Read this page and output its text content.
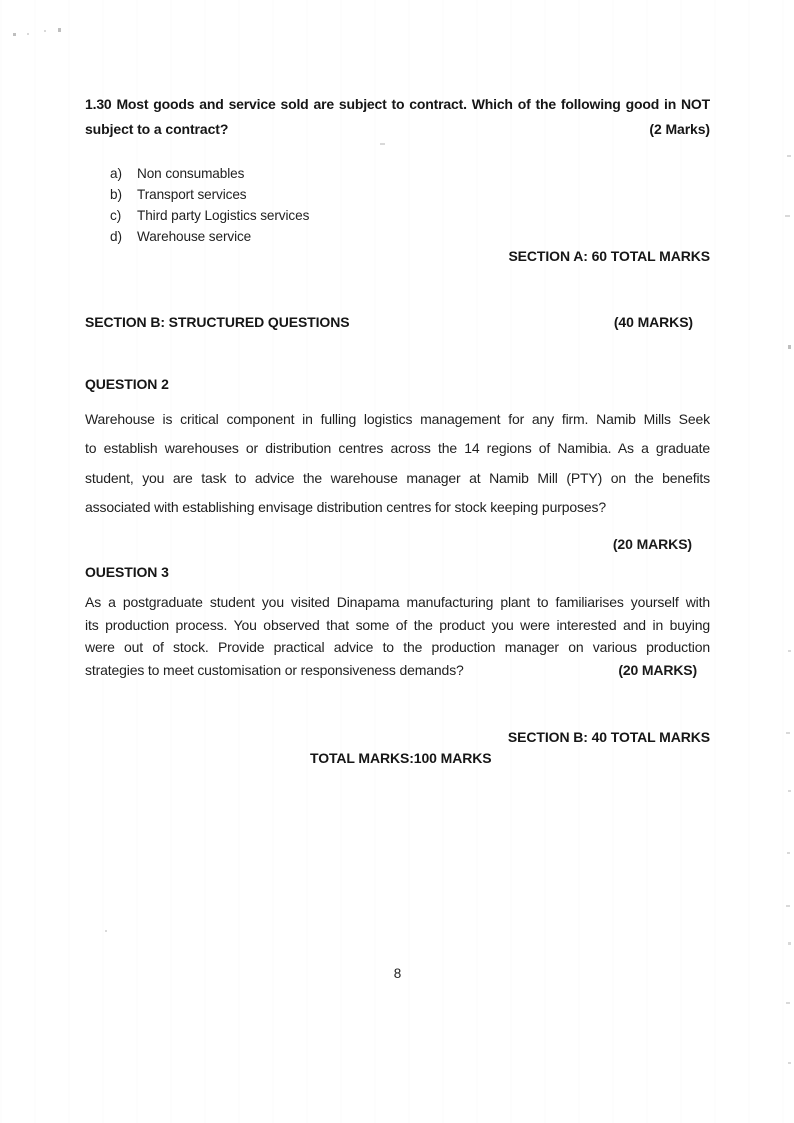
1.30 Most goods and service sold are subject to contract. Which of the following good in NOT
subject to a contract?	(2 Marks)
a)	Non consumables
b)	Transport services
c)	Third party Logistics services
d)	Warehouse service
SECTION A: 60 TOTAL MARKS
SECTION B: STRUCTURED QUESTIONS	(40 MARKS)
QUESTION 2
Warehouse is critical component in fulling logistics management for any firm. Namib Mills Seek
to establish warehouses or distribution centres across the 14 regions of Namibia. As a graduate
student, you are task to advice the warehouse manager at Namib Mill (PTY) on the benefits
associated with establishing envisage distribution centres for stock keeping purposes?
(20 MARKS)
OUESTION 3
As a postgraduate student you visited Dinapama manufacturing plant to familiarises yourself with
its production process. You observed that some of the product you were interested and in buying
were out of stock. Provide practical advice to the production manager on various production
strategies to meet customisation or responsiveness demands?	(20 MARKS)
SECTION B: 40 TOTAL MARKS
TOTAL MARKS:100 MARKS
8
